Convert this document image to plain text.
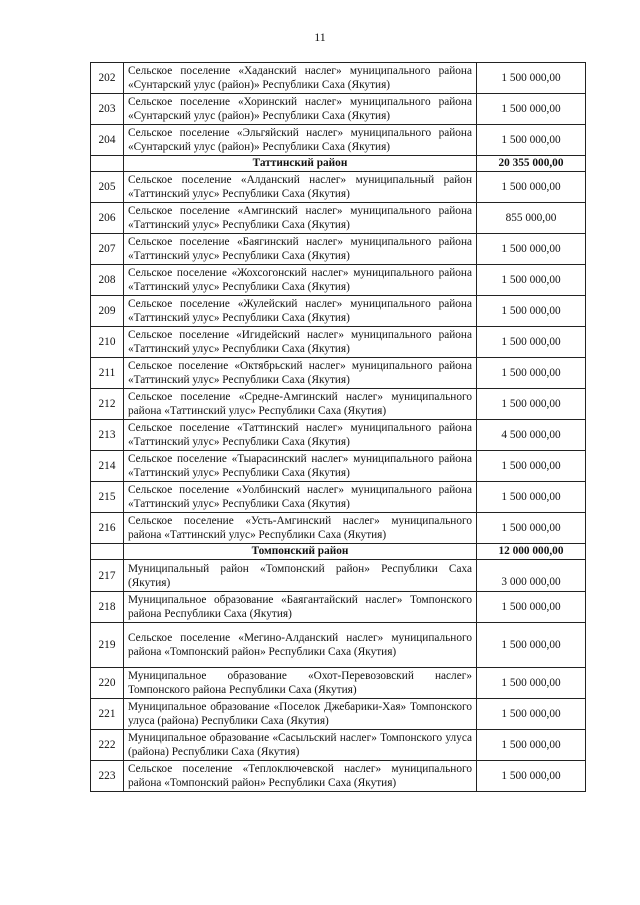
11
202	Сельское поселение «Хаданский наслег» муниципального района «Сунтарский улус (район)» Республики Саха (Якутия)	1 500 000,00
203	Сельское поселение «Хоринский наслег» муниципального района «Сунтарский улус (район)» Республики Саха (Якутия)	1 500 000,00
204	Сельское поселение «Эльгяйский наслег» муниципального района «Сунтарский улус (район)» Республики Саха (Якутия)	1 500 000,00
	Таттинский район	20 355 000,00
205	Сельское поселение «Алданский наслег» муниципальный район «Таттинский улус» Республики Саха (Якутия)	1 500 000,00
206	Сельское поселение «Амгинский наслег» муниципального района «Таттинский улус» Республики Саха (Якутия)	855 000,00
207	Сельское поселение «Баягинский наслег» муниципального района «Таттинский улус» Республики Саха (Якутия)	1 500 000,00
208	Сельское поселение «Жохсогонский наслег» муниципального района «Таттинский улус» Республики Саха (Якутия)	1 500 000,00
209	Сельское поселение «Жулейский наслег» муниципального района «Таттинский улус» Республики Саха (Якутия)	1 500 000,00
210	Сельское поселение «Игидейский наслег» муниципального района «Таттинский улус» Республики Саха (Якутия)	1 500 000,00
211	Сельское поселение «Октябрьский наслег» муниципального района «Таттинский улус» Республики Саха (Якутия)	1 500 000,00
212	Сельское поселение «Средне-Амгинский наслег» муниципального района «Таттинский улус» Республики Саха (Якутия)	1 500 000,00
213	Сельское поселение «Таттинский наслег» муниципального района «Таттинский улус» Республики Саха (Якутия)	4 500 000,00
214	Сельское поселение «Тыарасинский наслег» муниципального района «Таттинский улус» Республики Саха (Якутия)	1 500 000,00
215	Сельское поселение «Уолбинский наслег» муниципального района «Таттинский улус» Республики Саха (Якутия)	1 500 000,00
216	Сельское поселение «Усть-Амгинский наслег» муниципального района «Таттинский улус» Республики Саха (Якутия)	1 500 000,00
	Томпонский район	12 000 000,00
217	Муниципальный район «Томпонский район» Республики Саха (Якутия)	3 000 000,00
218	Муниципальное образование «Баягантайский наслег» Томпонского района Республики Саха (Якутия)	1 500 000,00
219	Сельское поселение «Мегино-Алданский наслег» муниципального района «Томпонский район» Республики Саха (Якутия)	1 500 000,00
220	Муниципальное образование «Охот-Перевозовский наслег» Томпонского района Республики Саха (Якутия)	1 500 000,00
221	Муниципальное образование «Поселок Джебарики-Хая» Томпонского улуса (района) Республики Саха (Якутия)	1 500 000,00
222	Муниципальное образование «Сасыльский наслег» Томпонского улуса (района) Республики Саха (Якутия)	1 500 000,00
223	Сельское поселение «Теплоключевской наслег» муниципального района «Томпонский район» Республики Саха (Якутия)	1 500 000,00
